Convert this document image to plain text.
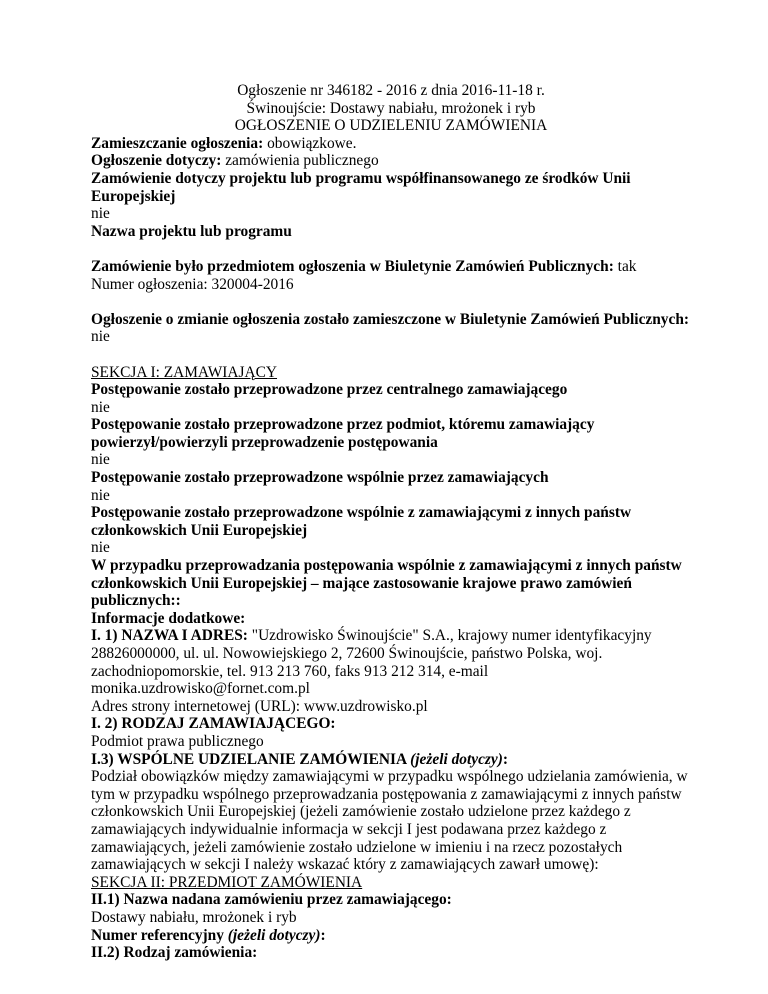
Ogłoszenie nr 346182 - 2016 z dnia 2016-11-18 r.
Świnoujście: Dostawy nabiału, mrożonek i ryb
OGŁOSZENIE O UDZIELENIU ZAMÓWIENIA
Zamieszczanie ogłoszenia: obowiązkowe.
Ogłoszenie dotyczy: zamówienia publicznego
Zamówienie dotyczy projektu lub programu współfinansowanego ze środków Unii Europejskiej
nie
Nazwa projektu lub programu
Zamówienie było przedmiotem ogłoszenia w Biuletynie Zamówień Publicznych: tak
Numer ogłoszenia: 320004-2016
Ogłoszenie o zmianie ogłoszenia zostało zamieszczone w Biuletynie Zamówień Publicznych: nie
SEKCJA I: ZAMAWIAJĄCY
Postępowanie zostało przeprowadzone przez centralnego zamawiającego
nie
Postępowanie zostało przeprowadzone przez podmiot, któremu zamawiający powierzył/powierzyli przeprowadzenie postępowania
nie
Postępowanie zostało przeprowadzone wspólnie przez zamawiających
nie
Postępowanie zostało przeprowadzone wspólnie z zamawiającymi z innych państw członkowskich Unii Europejskiej
nie
W przypadku przeprowadzania postępowania wspólnie z zamawiającymi z innych państw członkowskich Unii Europejskiej – mające zastosowanie krajowe prawo zamówień publicznych::
Informacje dodatkowe:
I. 1) NAZWA I ADRES: "Uzdrowisko Świnoujście" S.A., krajowy numer identyfikacyjny 28826000000, ul. ul. Nowowiejskiego 2, 72600 Świnoujście, państwo Polska, woj. zachodniopomorskie, tel. 913 213 760, faks 913 212 314, e-mail monika.uzdrowisko@fornet.com.pl
Adres strony internetowej (URL): www.uzdrowisko.pl
I. 2) RODZAJ ZAMAWIAJĄCEGO:
Podmiot prawa publicznego
I.3) WSPÓLNE UDZIELANIE ZAMÓWIENIA (jeżeli dotyczy):
Podział obowiązków między zamawiającymi w przypadku wspólnego udzielania zamówienia, w tym w przypadku wspólnego przeprowadzania postępowania z zamawiającymi z innych państw członkowskich Unii Europejskiej (jeżeli zamówienie zostało udzielone przez każdego z zamawiających indywidualnie informacja w sekcji I jest podawana przez każdego z zamawiających, jeżeli zamówienie zostało udzielone w imieniu i na rzecz pozostałych zamawiających w sekcji I należy wskazać który z zamawiających zawarł umowę):
SEKCJA II: PRZEDMIOT ZAMÓWIENIA
II.1) Nazwa nadana zamówieniu przez zamawiającego:
Dostawy nabiału, mrożonek i ryb
Numer referencyjny (jeżeli dotyczy):
II.2) Rodzaj zamówienia:
